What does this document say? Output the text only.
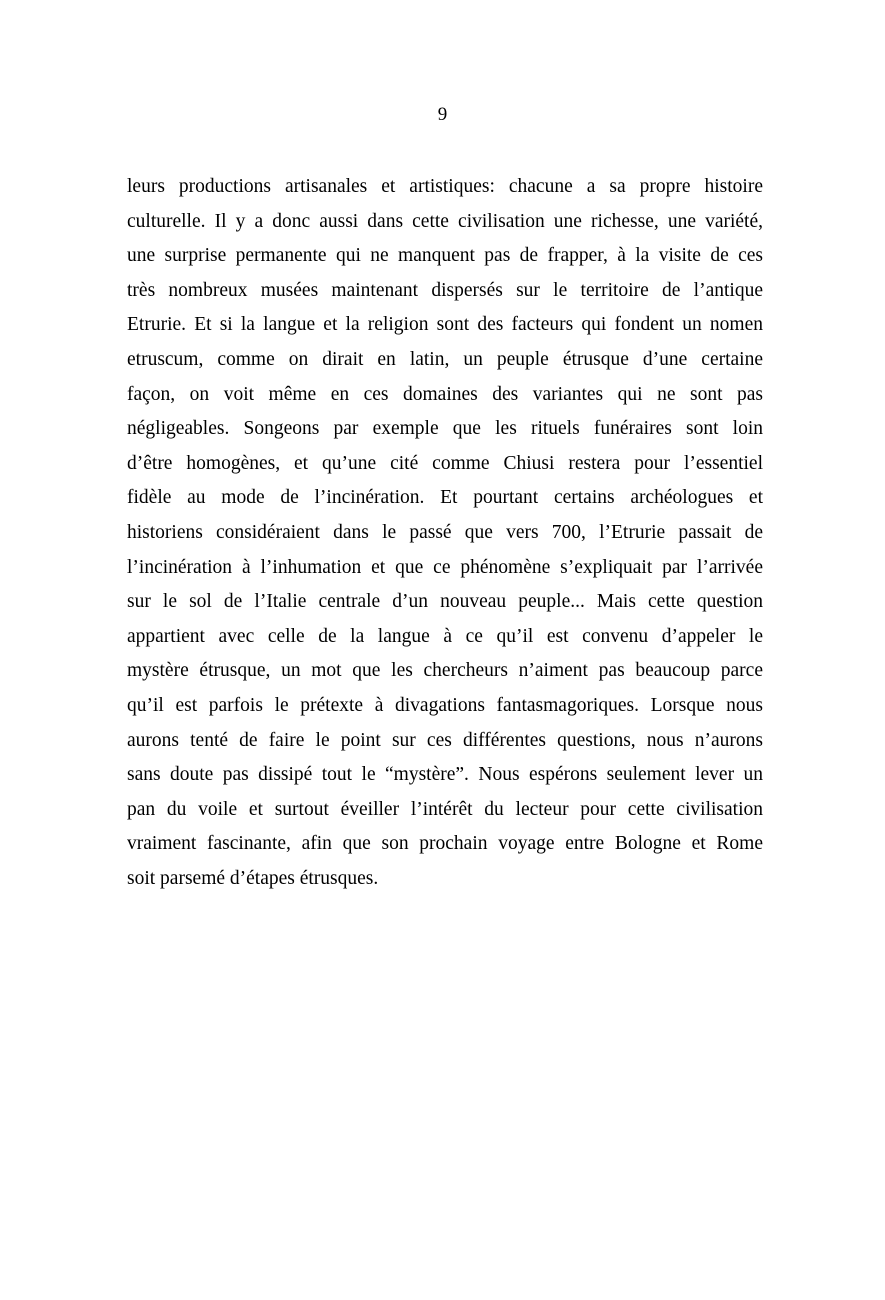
9

leurs productions artisanales et artistiques: chacune a sa propre histoire
culturelle. Il y a donc aussi dans cette civilisation une richesse, une variété,
une surprise permanente qui ne manquent pas de frapper, à la visite de ces
très nombreux musées maintenant dispersés sur le territoire de l’antique
Etrurie. Et si la langue et la religion sont des facteurs qui fondent un nomen
etruscum, comme on dirait en latin, un peuple étrusque d’une certaine
façon, on voit même en ces domaines des variantes qui ne sont pas
négligeables. Songeons par exemple que les rituels funéraires sont loin
d’être homogènes, et qu’une cité comme Chiusi restera pour l’essentiel
fidèle au mode de l’incinération. Et pourtant certains archéologues et
historiens considéraient dans le passé que vers 700, l’Etrurie passait de
l’incinération à l’inhumation et que ce phénomène s’expliquait par l’arrivée
sur le sol de l’Italie centrale d’un nouveau peuple... Mais cette question
appartient avec celle de la langue à ce qu’il est convenu d’appeler le
mystère étrusque, un mot que les chercheurs n’aiment pas beaucoup parce
qu’il est parfois le prétexte à divagations fantasmagoriques. Lorsque nous
aurons tenté de faire le point sur ces différentes questions, nous n’aurons
sans doute pas dissipé tout le “mystère”. Nous espérons seulement lever un
pan du voile et surtout éveiller l’intérêt du lecteur pour cette civilisation
vraiment fascinante, afin que son prochain voyage entre Bologne et Rome
soit parsemé d’étapes étrusques.
